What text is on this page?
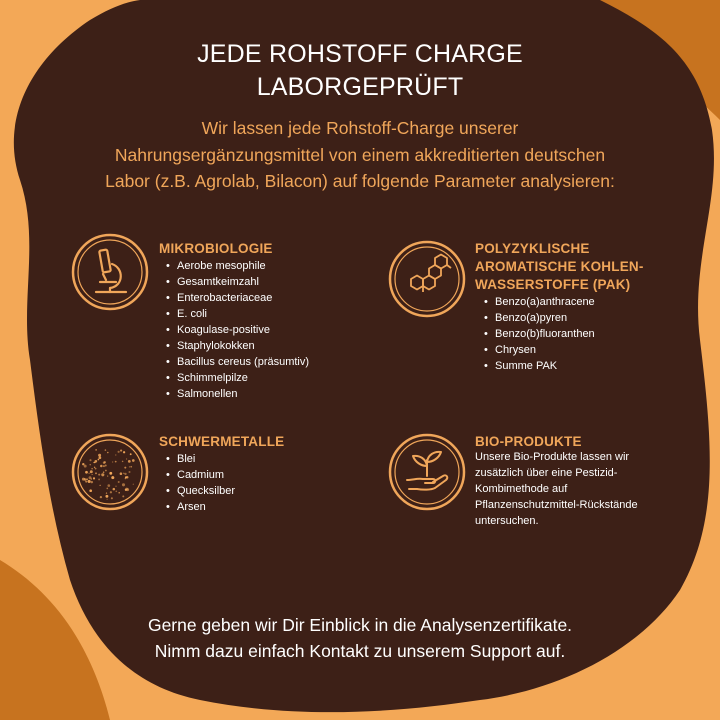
JEDE ROHSTOFF CHARGE
LABORGEPRÜFT
Wir lassen jede Rohstoff-Charge unserer
Nahrungsergänzungsmittel von einem akkreditierten deutschen
Labor (z.B. Agrolab, Bilacon) auf folgende Parameter analysieren:
MIKROBIOLOGIE
• Aerobe mesophile
• Gesamtkeimzahl
• Enterobacteriaceae
• E. coli
• Koagulase-positive
• Staphylokokken
• Bacillus cereus (präsumtiv)
• Schimmelpilze
• Salmonellen
POLYZYKLISCHE
AROMATISCHE KOHLEN-
WASSERSTOFFE (PAK)
• Benzo(a)anthracene
• Benzo(a)pyren
• Benzo(b)fluoranthen
• Chrysen
• Summe PAK
SCHWERMETALLE
• Blei
• Cadmium
• Quecksilber
• Arsen
BIO-PRODUKTE
Unsere Bio-Produkte lassen wir
zusätzlich über eine Pestizid-
Kombimethode auf
Pflanzenschutzmittel-Rückstände
untersuchen.
Gerne geben wir Dir Einblick in die Analysenzertifikate.
Nimm dazu einfach Kontakt zu unserem Support auf.
